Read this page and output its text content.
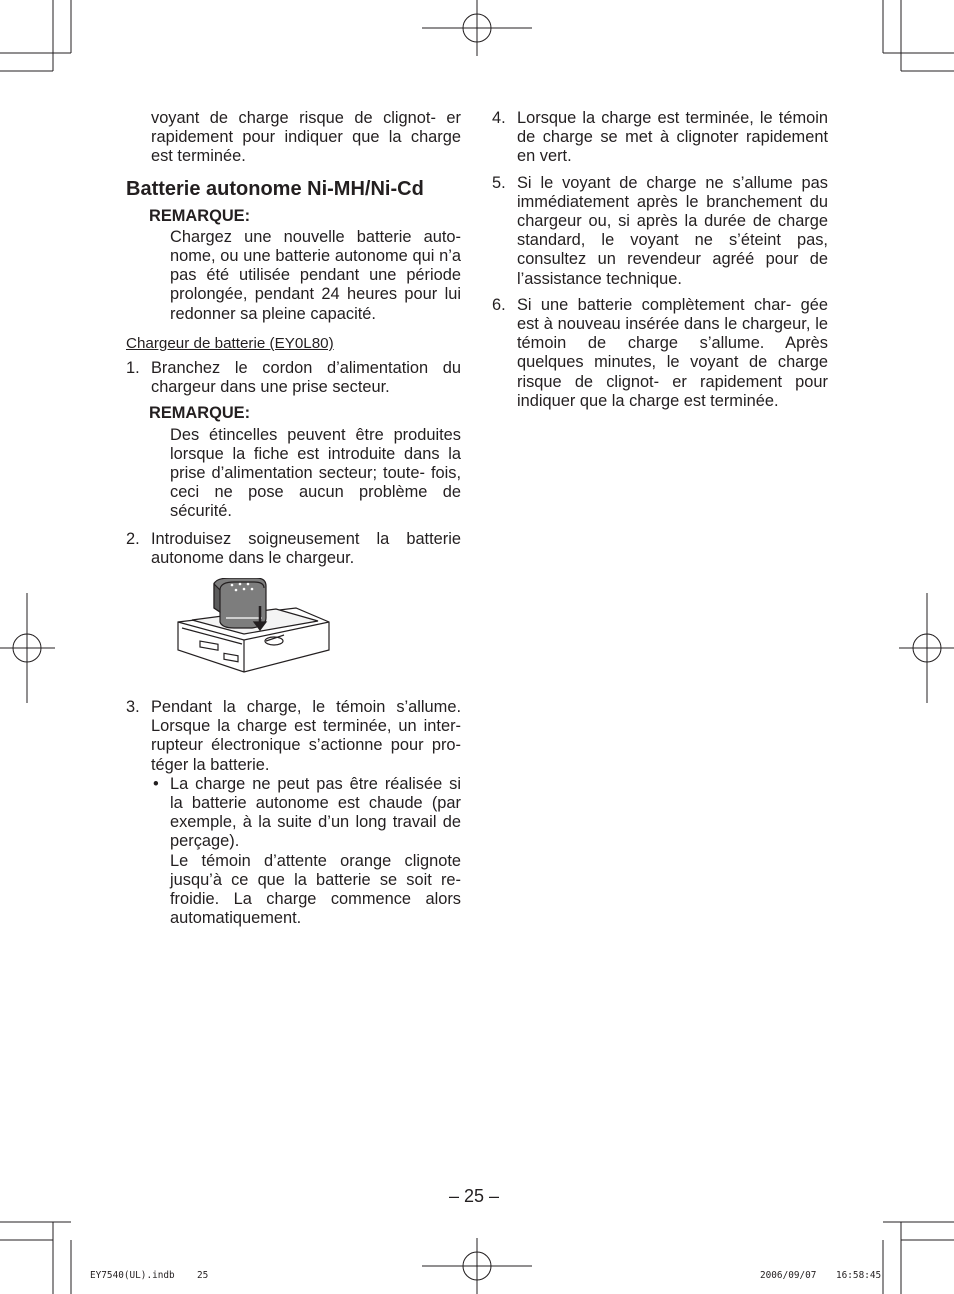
voyant de charge risque de clignot- er rapidement pour indiquer que la charge est terminée.

Batterie autonome Ni-MH/Ni-Cd
REMARQUE:

Chargez une nouvelle batterie auto- nome, ou une batterie autonome qui n’a pas été utilisée pendant une période prolongée, pendant 24 heures pour lui redonner sa pleine capacité.

Chargeur de batterie (EY0L80)
1. Branchez le cordon d’alimentation du chargeur dans une prise secteur.

REMARQUE:

Des étincelles peuvent être produites lorsque la fiche est introduite dans la prise d’alimentation secteur; toute- fois, ceci ne pose aucun problème de sécurité.

2. Introduisez soigneusement la batterie autonome dans le chargeur.

3. Pendant la charge, le témoin s’allume. Lorsque la charge est terminée, un inter- rupteur électronique s’actionne pour pro- téger la batterie.

• La charge ne peut pas être réalisée si la batterie autonome est chaude (par exemple, à la suite d’un long travail de perçage).

Le témoin d’attente orange clignote jusqu’à ce que la batterie se soit re- froidie. La charge commence alors automatiquement.

4. Lorsque la charge est terminée, le témoin de charge se met à clignoter rapidement en vert.

5. Si le voyant de charge ne s’allume pas immédiatement après le branchement du chargeur ou, si après la durée de charge standard, le voyant ne s’éteint pas, consultez un revendeur agréé pour de l’assistance technique.

6. Si une batterie complètement char- gée est à nouveau insérée dans le chargeur, le témoin de charge s’allume. Après quelques minutes, le voyant de charge risque de clignot- er rapidement pour indiquer que la charge est terminée.

– 25 –
EY7540(UL).indb 25	2006/09/07 16:58:45
